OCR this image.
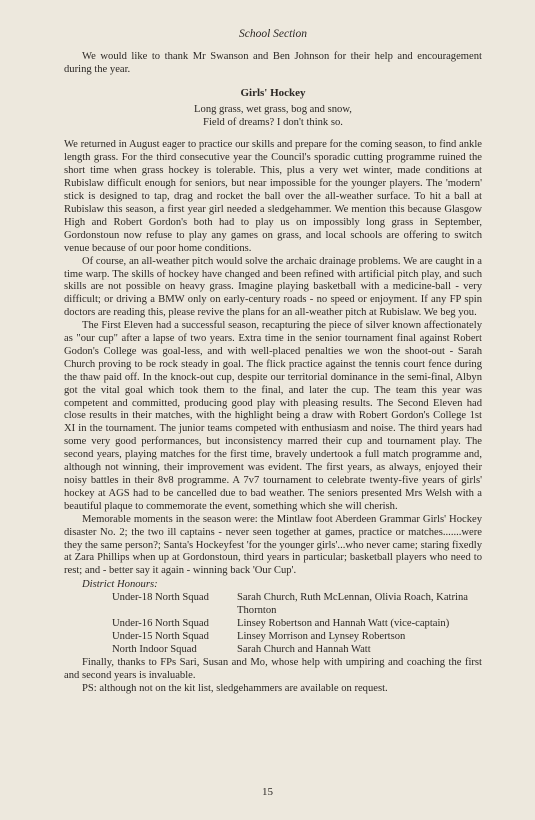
School Section

We would like to thank Mr Swanson and Ben Johnson for their help and encouragement during the year.

Girls' Hockey
Long grass, wet grass, bog and snow,
Field of dreams? I don't think so.

We returned in August eager to practice our skills and prepare for the coming season, to find ankle length grass. For the third consecutive year the Council's sporadic cutting programme ruined the short time when grass hockey is tolerable. This, plus a very wet winter, made conditions at Rubislaw difficult enough for seniors, but near impossible for the younger players. The 'modern' stick is designed to tap, drag and rocket the ball over the all-weather surface. To hit a ball at Rubislaw this season, a first year girl needed a sledgehammer. We mention this because Glasgow High and Robert Gordon's both had to play us on impossibly long grass in September, Gordonstoun now refuse to play any games on grass, and local schools are offering to switch venue because of our poor home conditions.

Of course, an all-weather pitch would solve the archaic drainage problems. We are caught in a time warp. The skills of hockey have changed and been refined with artificial pitch play, and such skills are not possible on heavy grass. Imagine playing basketball with a medicine-ball - very difficult; or driving a BMW only on early-century roads - no speed or enjoyment. If any FP spin doctors are reading this, please revive the plans for an all-weather pitch at Rubislaw. We beg you.

The First Eleven had a successful season, recapturing the piece of silver known affectionately as "our cup" after a lapse of two years. Extra time in the senior tournament final against Robert Godon's College was goal-less, and with well-placed penalties we won the shoot-out - Sarah Church proving to be rock steady in goal. The flick practice against the tennis court fence during the thaw paid off. In the knock-out cup, despite our territorial dominance in the semi-final, Albyn got the vital goal which took them to the final, and later the cup. The team this year was competent and committed, producing good play with pleasing results. The Second Eleven had close results in their matches, with the highlight being a draw with Robert Gordon's College 1st XI in the tournament. The junior teams competed with enthusiasm and noise. The third years had some very good performances, but inconsistency marred their cup and tournament play. The second years, playing matches for the first time, bravely undertook a full match programme and, although not winning, their improvement was evident. The first years, as always, enjoyed their noisy battles in their 8v8 programme. A 7v7 tournament to celebrate twenty-five years of girls' hockey at AGS had to be cancelled due to bad weather. The seniors presented Mrs Welsh with a beautiful plaque to commemorate the event, something which she will cherish.

Memorable moments in the season were: the Mintlaw foot Aberdeen Grammar Girls' Hockey disaster No. 2; the two ill captains - never seen together at games, practice or matches.......were they the same person?; Santa's Hockeyfest 'for the younger girls'...who never came; staring fixedly at Zara Phillips when up at Gordonstoun, third years in particular; basketball players who need to rest; and - better say it again - winning back 'Our Cup'.

District Honours:
Under-18 North Squad	Sarah Church, Ruth McLennan, Olivia Roach, Katrina Thornton
Under-16 North Squad	Linsey Robertson and Hannah Watt (vice-captain)
Under-15 North Squad	Linsey Morrison and Lynsey Robertson
North Indoor Squad	Sarah Church and Hannah Watt

Finally, thanks to FPs Sari, Susan and Mo, whose help with umpiring and coaching the first and second years is invaluable.

PS: although not on the kit list, sledgehammers are available on request.

15
